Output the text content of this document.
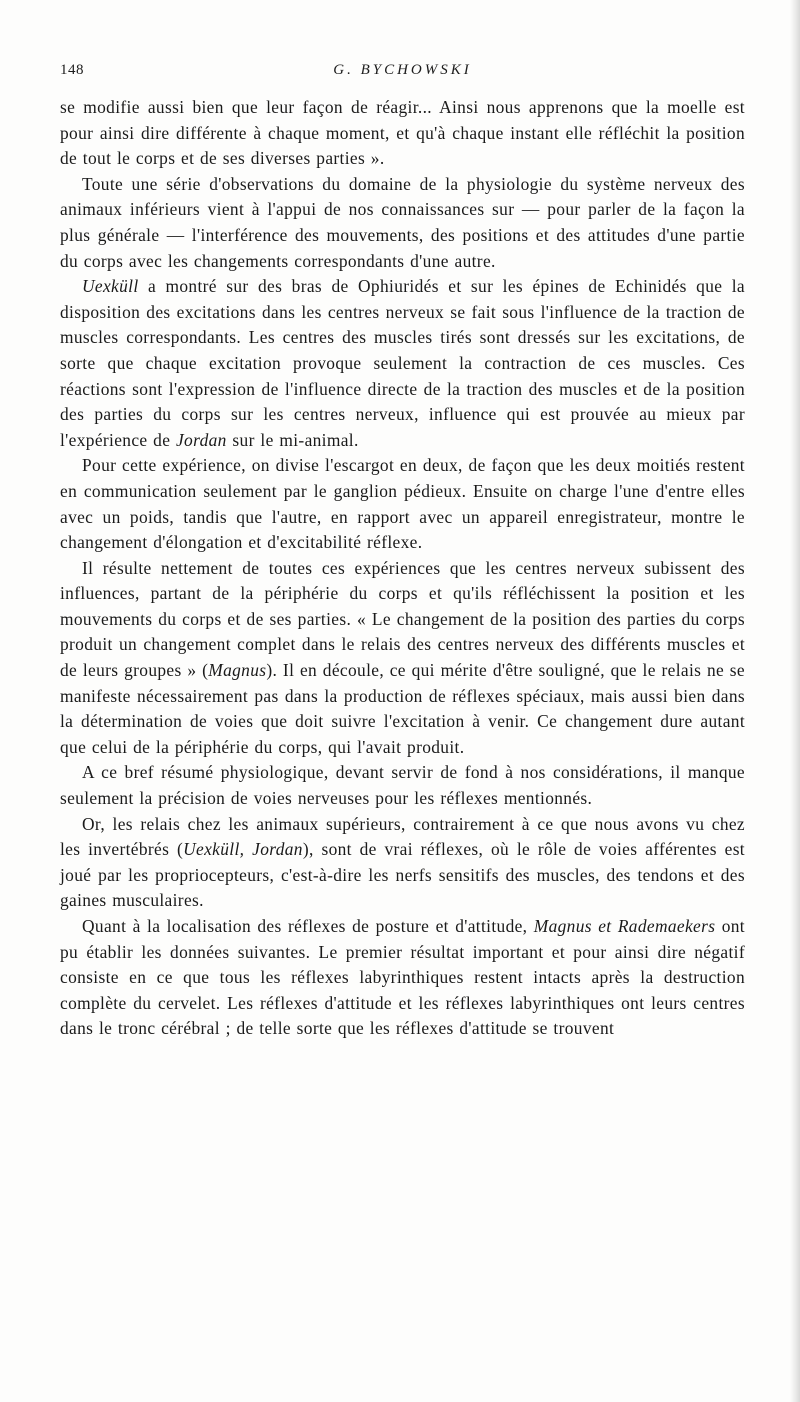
148	G. BYCHOWSKI

se modifie aussi bien que leur façon de réagir... Ainsi nous apprenons que la moelle est pour ainsi dire différente à chaque moment, et qu'à chaque instant elle réfléchit la position de tout le corps et de ses diverses parties ».

Toute une série d'observations du domaine de la physiologie du système nerveux des animaux inférieurs vient à l'appui de nos connaissances sur — pour parler de la façon la plus générale — l'interférence des mouvements, des positions et des attitudes d'une partie du corps avec les changements correspondants d'une autre.

Uexküll a montré sur des bras de Ophiuridés et sur les épines de Echinidés que la disposition des excitations dans les centres nerveux se fait sous l'influence de la traction de muscles correspondants. Les centres des muscles tirés sont dressés sur les excitations, de sorte que chaque excitation provoque seulement la contraction de ces muscles. Ces réactions sont l'expression de l'influence directe de la traction des muscles et de la position des parties du corps sur les centres nerveux, influence qui est prouvée au mieux par l'expérience de Jordan sur le mi-animal.

Pour cette expérience, on divise l'escargot en deux, de façon que les deux moitiés restent en communication seulement par le ganglion pédieux. Ensuite on charge l'une d'entre elles avec un poids, tandis que l'autre, en rapport avec un appareil enregistrateur, montre le changement d'élongation et d'excitabilité réflexe.

Il résulte nettement de toutes ces expériences que les centres nerveux subissent des influences, partant de la périphérie du corps et qu'ils réfléchissent la position et les mouvements du corps et de ses parties. « Le changement de la position des parties du corps produit un changement complet dans le relais des centres nerveux des différents muscles et de leurs groupes » (Magnus). Il en découle, ce qui mérite d'être souligné, que le relais ne se manifeste nécessairement pas dans la production de réflexes spéciaux, mais aussi bien dans la détermination de voies que doit suivre l'excitation à venir. Ce changement dure autant que celui de la périphérie du corps, qui l'avait produit.

A ce bref résumé physiologique, devant servir de fond à nos considérations, il manque seulement la précision de voies nerveuses pour les réflexes mentionnés.

Or, les relais chez les animaux supérieurs, contrairement à ce que nous avons vu chez les invertébrés (Uexküll, Jordan), sont de vrai réflexes, où le rôle de voies afférentes est joué par les propriocepteurs, c'est-à-dire les nerfs sensitifs des muscles, des tendons et des gaines musculaires.

Quant à la localisation des réflexes de posture et d'attitude, Magnus et Rademaekers ont pu établir les données suivantes. Le premier résultat important et pour ainsi dire négatif consiste en ce que tous les réflexes labyrinthiques restent intacts après la destruction complète du cervelet. Les réflexes d'attitude et les réflexes labyrinthiques ont leurs centres dans le tronc cérébral ; de telle sorte que les réflexes d'attitude se trouvent
